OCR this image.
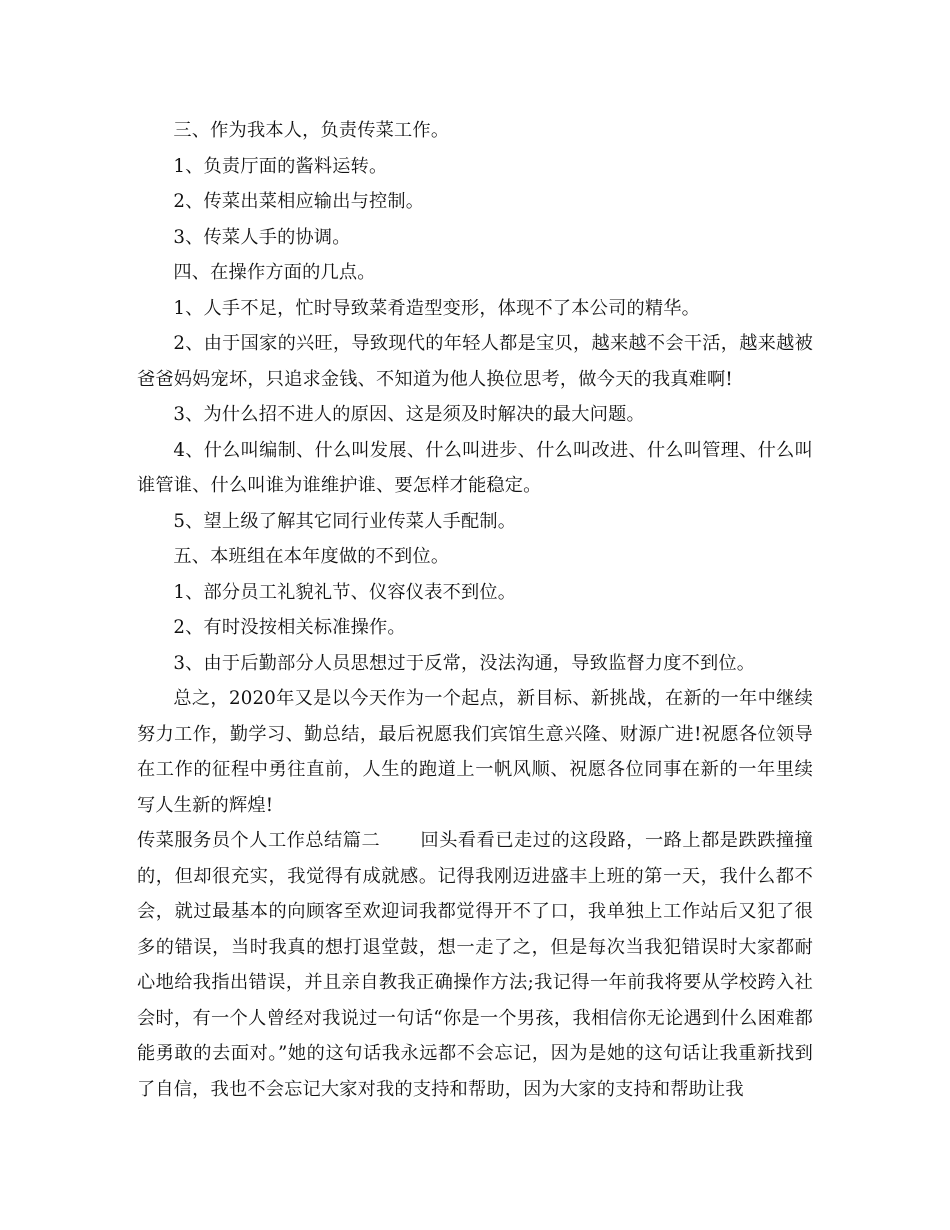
三、作为我本人，负责传菜工作。

1、负责厅面的酱料运转。

2、传菜出菜相应输出与控制。

3、传菜人手的协调。

四、在操作方面的几点。

1、人手不足，忙时导致菜肴造型变形，体现不了本公司的精华。

2、由于国家的兴旺，导致现代的年轻人都是宝贝，越来越不会干活，越来越被爸爸妈妈宠坏，只追求金钱、不知道为他人换位思考，做今天的我真难啊!

3、为什么招不进人的原因、这是须及时解决的最大问题。

4、什么叫编制、什么叫发展、什么叫进步、什么叫改进、什么叫管理、什么叫谁管谁、什么叫谁为谁维护谁、要怎样才能稳定。

5、望上级了解其它同行业传菜人手配制。

五、本班组在本年度做的不到位。

1、部分员工礼貌礼节、仪容仪表不到位。

2、有时没按相关标准操作。

3、由于后勤部分人员思想过于反常，没法沟通，导致监督力度不到位。

总之，2020年又是以今天作为一个起点，新目标、新挑战，在新的一年中继续努力工作，勤学习、勤总结，最后祝愿我们宾馆生意兴隆、财源广进!祝愿各位领导在工作的征程中勇往直前，人生的跑道上一帆风顺、祝愿各位同事在新的一年里续写人生新的辉煌!

传菜服务员个人工作总结篇二 回头看看已走过的这段路，一路上都是跌跌撞撞的，但却很充实，我觉得有成就感。记得我刚迈进盛丰上班的第一天，我什么都不会，就过最基本的向顾客至欢迎词我都觉得开不了口，我单独上工作站后又犯了很多的错误，当时我真的想打退堂鼓，想一走了之，但是每次当我犯错误时大家都耐心地给我指出错误，并且亲自教我正确操作方法;我记得一年前我将要从学校跨入社会时，有一个人曾经对我说过一句话“你是一个男孩，我相信你无论遇到什么困难都能勇敢的去面对。”她的这句话我永远都不会忘记，因为是她的这句话让我重新找到了自信，我也不会忘记大家对我的支持和帮助，因为大家的支持和帮助让我
